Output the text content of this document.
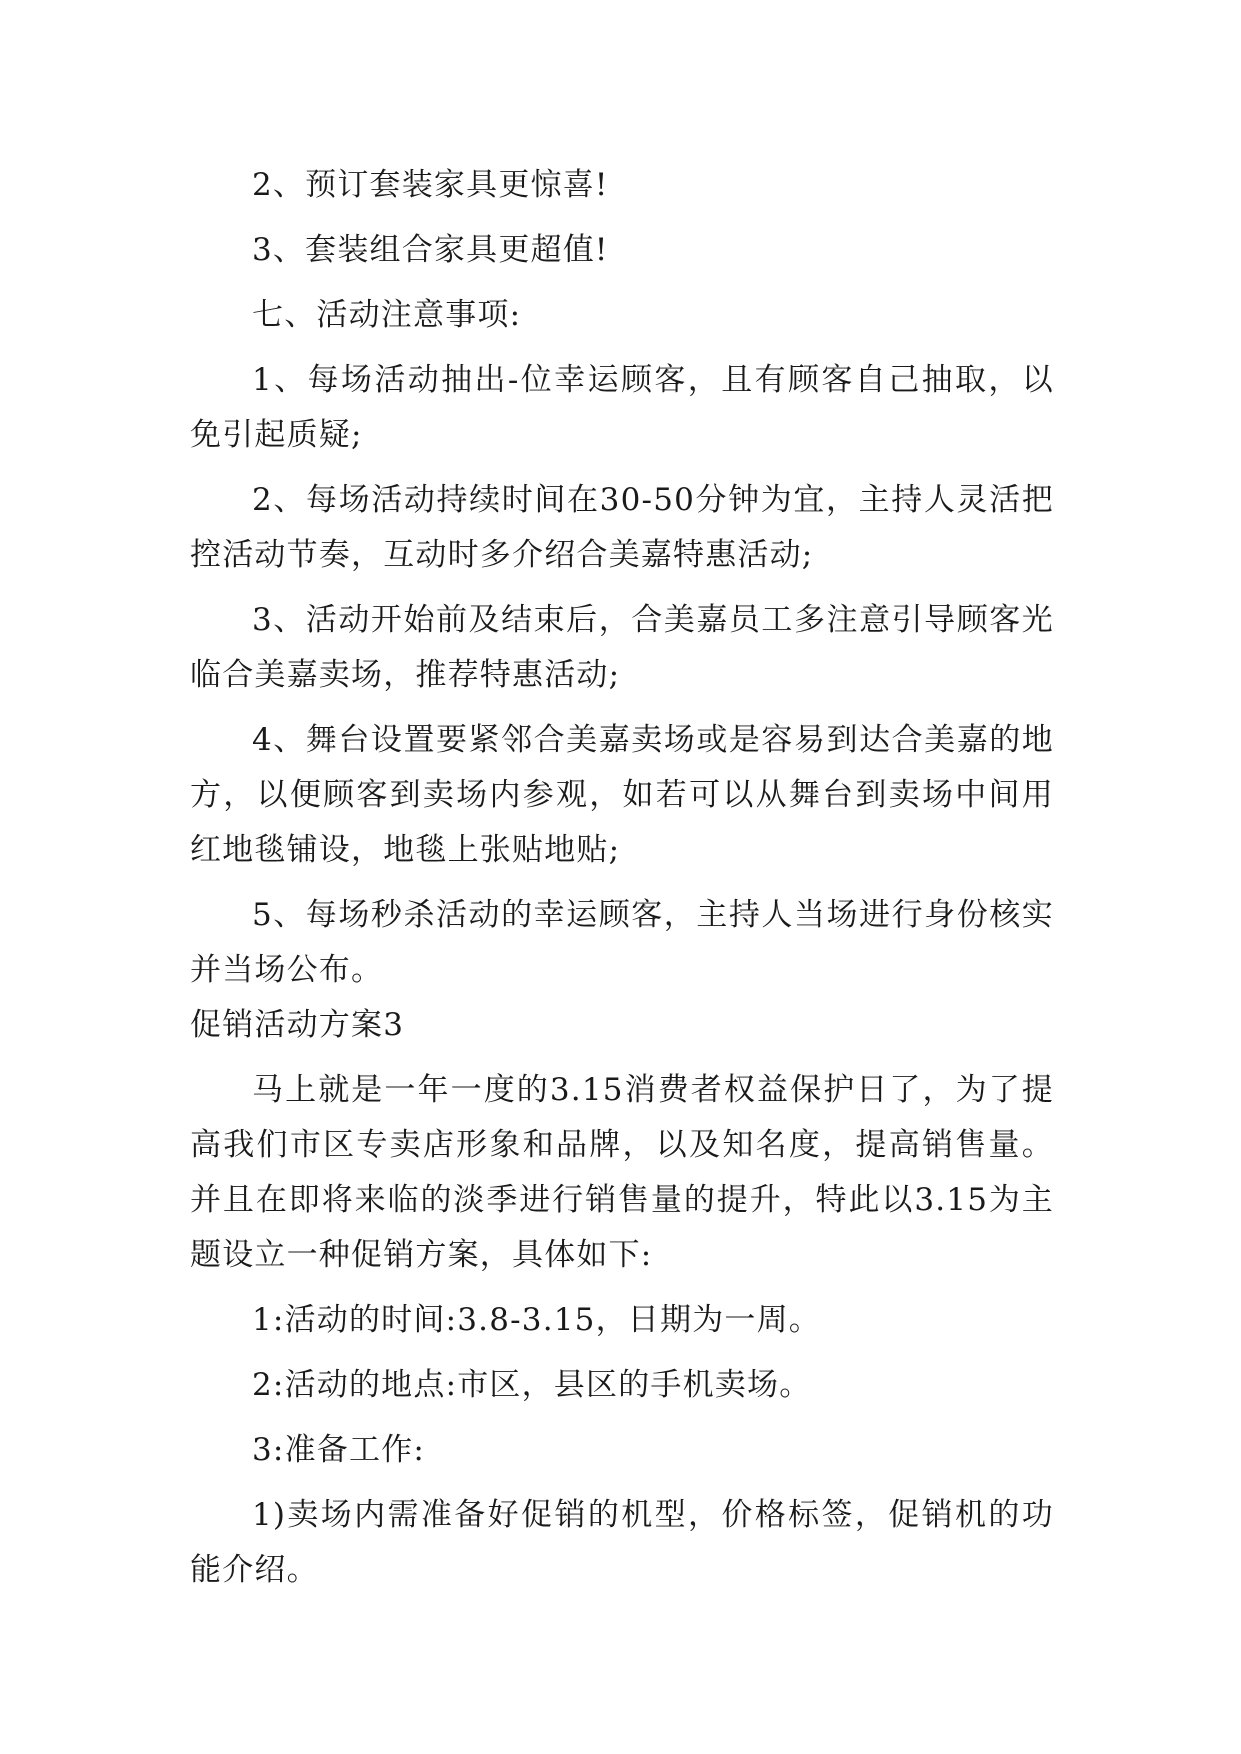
2、预订套装家具更惊喜!

3、套装组合家具更超值!

七、活动注意事项:

1、每场活动抽出-位幸运顾客，且有顾客自己抽取，以免引起质疑;

2、每场活动持续时间在30-50分钟为宜，主持人灵活把控活动节奏，互动时多介绍合美嘉特惠活动;

3、活动开始前及结束后，合美嘉员工多注意引导顾客光临合美嘉卖场，推荐特惠活动;

4、舞台设置要紧邻合美嘉卖场或是容易到达合美嘉的地方，以便顾客到卖场内参观，如若可以从舞台到卖场中间用红地毯铺设，地毯上张贴地贴;

5、每场秒杀活动的幸运顾客，主持人当场进行身份核实并当场公布。

促销活动方案3

马上就是一年一度的3.15消费者权益保护日了，为了提高我们市区专卖店形象和品牌，以及知名度，提高销售量。并且在即将来临的淡季进行销售量的提升，特此以3.15为主题设立一种促销方案，具体如下:

1:活动的时间:3.8-3.15，日期为一周。

2:活动的地点:市区，县区的手机卖场。

3:准备工作:

1)卖场内需准备好促销的机型，价格标签，促销机的功能介绍。
